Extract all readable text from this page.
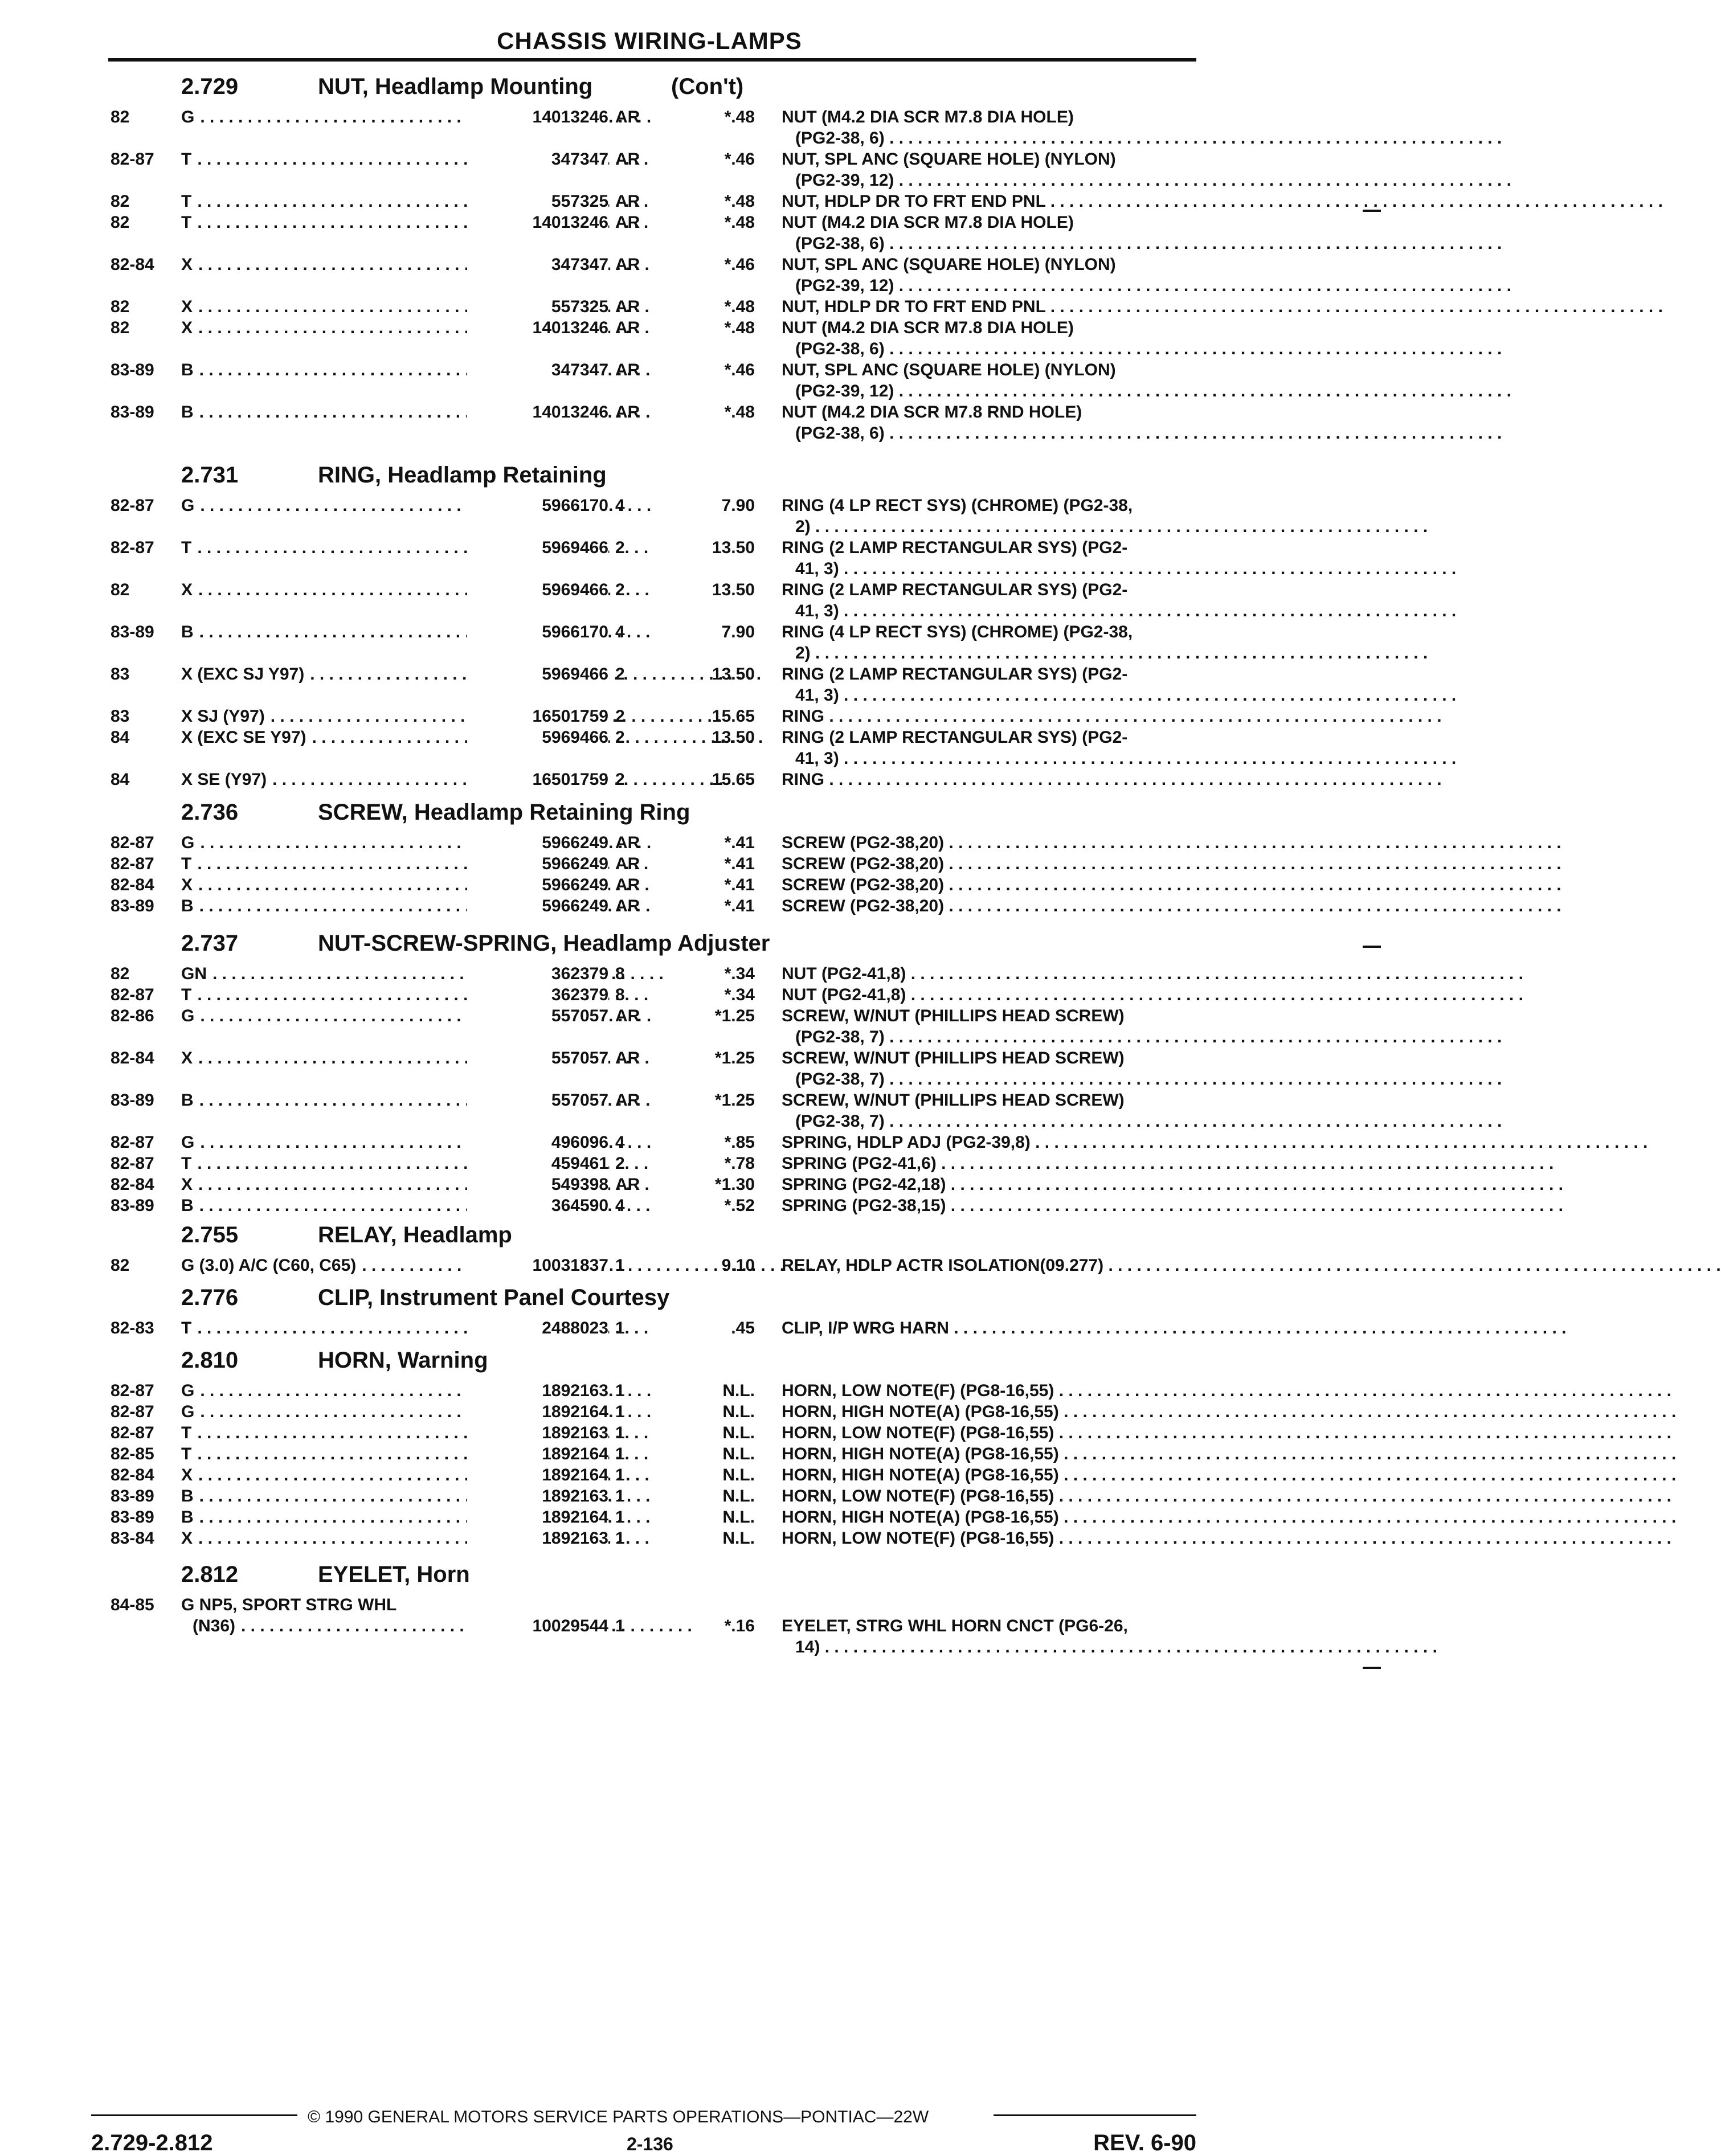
CHASSIS WIRING-LAMPS
2.729	NUT, Headlamp Mounting	(Con't)
82	G . . .	14013246 AR	*.48 NUT (M4.2 DIA SCR M7.8 DIA HOLE)
(PG2-38, 6) . . .
82-87 T . . .	347347 AR	*.46 NUT, SPL ANC (SQUARE HOLE) (NYLON)
(PG2-39, 12) . . .
82	T . . .	557325 AR	*.48 NUT, HDLP DR TO FRT END PNL . . .
82	T . . .	14013246 AR	*.48 NUT (M4.2 DIA SCR M7.8 DIA HOLE)
(PG2-38, 6) . . .
82-84 X . . .	347347 AR	*.46 NUT, SPL ANC (SQUARE HOLE) (NYLON)
(PG2-39, 12) . . .
82	X . . .	557325 AR	*.48 NUT, HDLP DR TO FRT END PNL . . .
82	X . . .	14013246 AR	*.48 NUT (M4.2 DIA SCR M7.8 DIA HOLE)
(PG2-38, 6) . . .
83-89 B . . .	347347 AR	*.46 NUT, SPL ANC (SQUARE HOLE) (NYLON)
(PG2-39, 12) . . .
83-89 B . . .	14013246 AR	*.48 NUT (M4.2 DIA SCR M7.8 RND HOLE)
(PG2-38, 6) . . .
2.731	RING, Headlamp Retaining
82-87 G . . .	5966170 4	7.90 RING (4 LP RECT SYS) (CHROME) (PG2-38,
2) . . .
82-87 T . . .	5969466 2	13.50 RING (2 LAMP RECTANGULAR SYS) (PG2-
41, 3) . . .
82	X . . .	5969466 2	13.50 RING (2 LAMP RECTANGULAR SYS) (PG2-
41, 3) . . .
83-89 B . . .	5966170 4	7.90 RING (4 LP RECT SYS) (CHROME) (PG2-38,
2) . . .
83	X (EXC SJ Y97) . . .	5969466 2	13.50 RING (2 LAMP RECTANGULAR SYS) (PG2-
41, 3) . . .
83	X SJ (Y97) . . .	16501759 2	15.65 RING . . .
84	X (EXC SE Y97) . . .	5969466 2	13.50 RING (2 LAMP RECTANGULAR SYS) (PG2-
41, 3) . . .
84	X SE (Y97) . . .	16501759 2	15.65 RING . . .
2.736	SCREW, Headlamp Retaining Ring
82-87 G . . .	5966249 AR	*.41 SCREW (PG2-38,20) . . .
82-87 T . . .	5966249 AR	*.41 SCREW (PG2-38,20) . . .
82-84 X . . .	5966249 AR	*.41 SCREW (PG2-38,20) . . .
83-89 B . . .	5966249 AR	*.41 SCREW (PG2-38,20) . . .
2.737	NUT-SCREW-SPRING, Headlamp Adjuster
82	GN . . .	362379 8	*.34 NUT (PG2-41,8) . . .
82-87 T . . .	362379 8	*.34 NUT (PG2-41,8) . . .
82-86 G . . .	557057 AR	*1.25 SCREW, W/NUT (PHILLIPS HEAD SCREW)
(PG2-38, 7) . . .
82-84 X . . .	557057 AR	*1.25 SCREW, W/NUT (PHILLIPS HEAD SCREW)
(PG2-38, 7) . . .
83-89 B . . .	557057 AR	*1.25 SCREW, W/NUT (PHILLIPS HEAD SCREW)
(PG2-38, 7) . . .
82-87 G . . .	496096 4	*.85 SPRING, HDLP ADJ (PG2-39,8) . . .
82-87 T . . .	459461 2	*.78 SPRING (PG2-41,6) . . .
82-84 X . . .	549398 AR	*1.30 SPRING (PG2-42,18) . . .
83-89 B . . .	364590 4	*.52 SPRING (PG2-38,15) . . .
2.755	RELAY, Headlamp
82	G (3.0) A/C (C60, C65) . . .	10031837 1	9.10 RELAY, HDLP ACTR ISOLATION(09.277) . . .
2.776	CLIP, Instrument Panel Courtesy
82-83 T . . .	2488023 1	.45 CLIP, I/P WRG HARN . . .
2.810	HORN, Warning
82-87 G . . .	1892163 1	N.L. HORN, LOW NOTE(F) (PG8-16,55) . . .
82-87 G . . .	1892164 1	N.L. HORN, HIGH NOTE(A) (PG8-16,55) . . .
82-87 T . . .	1892163 1	N.L. HORN, LOW NOTE(F) (PG8-16,55) . . .
82-85 T . . .	1892164 1	N.L. HORN, HIGH NOTE(A) (PG8-16,55) . . .
82-84 X . . .	1892164 1	N.L. HORN, HIGH NOTE(A) (PG8-16,55) . . .
83-89 B . . .	1892163 1	N.L. HORN, LOW NOTE(F) (PG8-16,55) . . .
83-89 B . . .	1892164 1	N.L. HORN, HIGH NOTE(A) (PG8-16,55) . . .
83-84 X . . .	1892163 1	N.L. HORN, LOW NOTE(F) (PG8-16,55) . . .
2.812	EYELET, Horn
84-85 G NP5, SPORT STRG WHL
(N36) . . .	10029544 1	*.16 EYELET, STRG WHL HORN CNCT (PG6-26,
14) . . .
© 1990 GENERAL MOTORS SERVICE PARTS OPERATIONS—PONTIAC—22W
2.729-2.812	2-136	REV. 6-90
